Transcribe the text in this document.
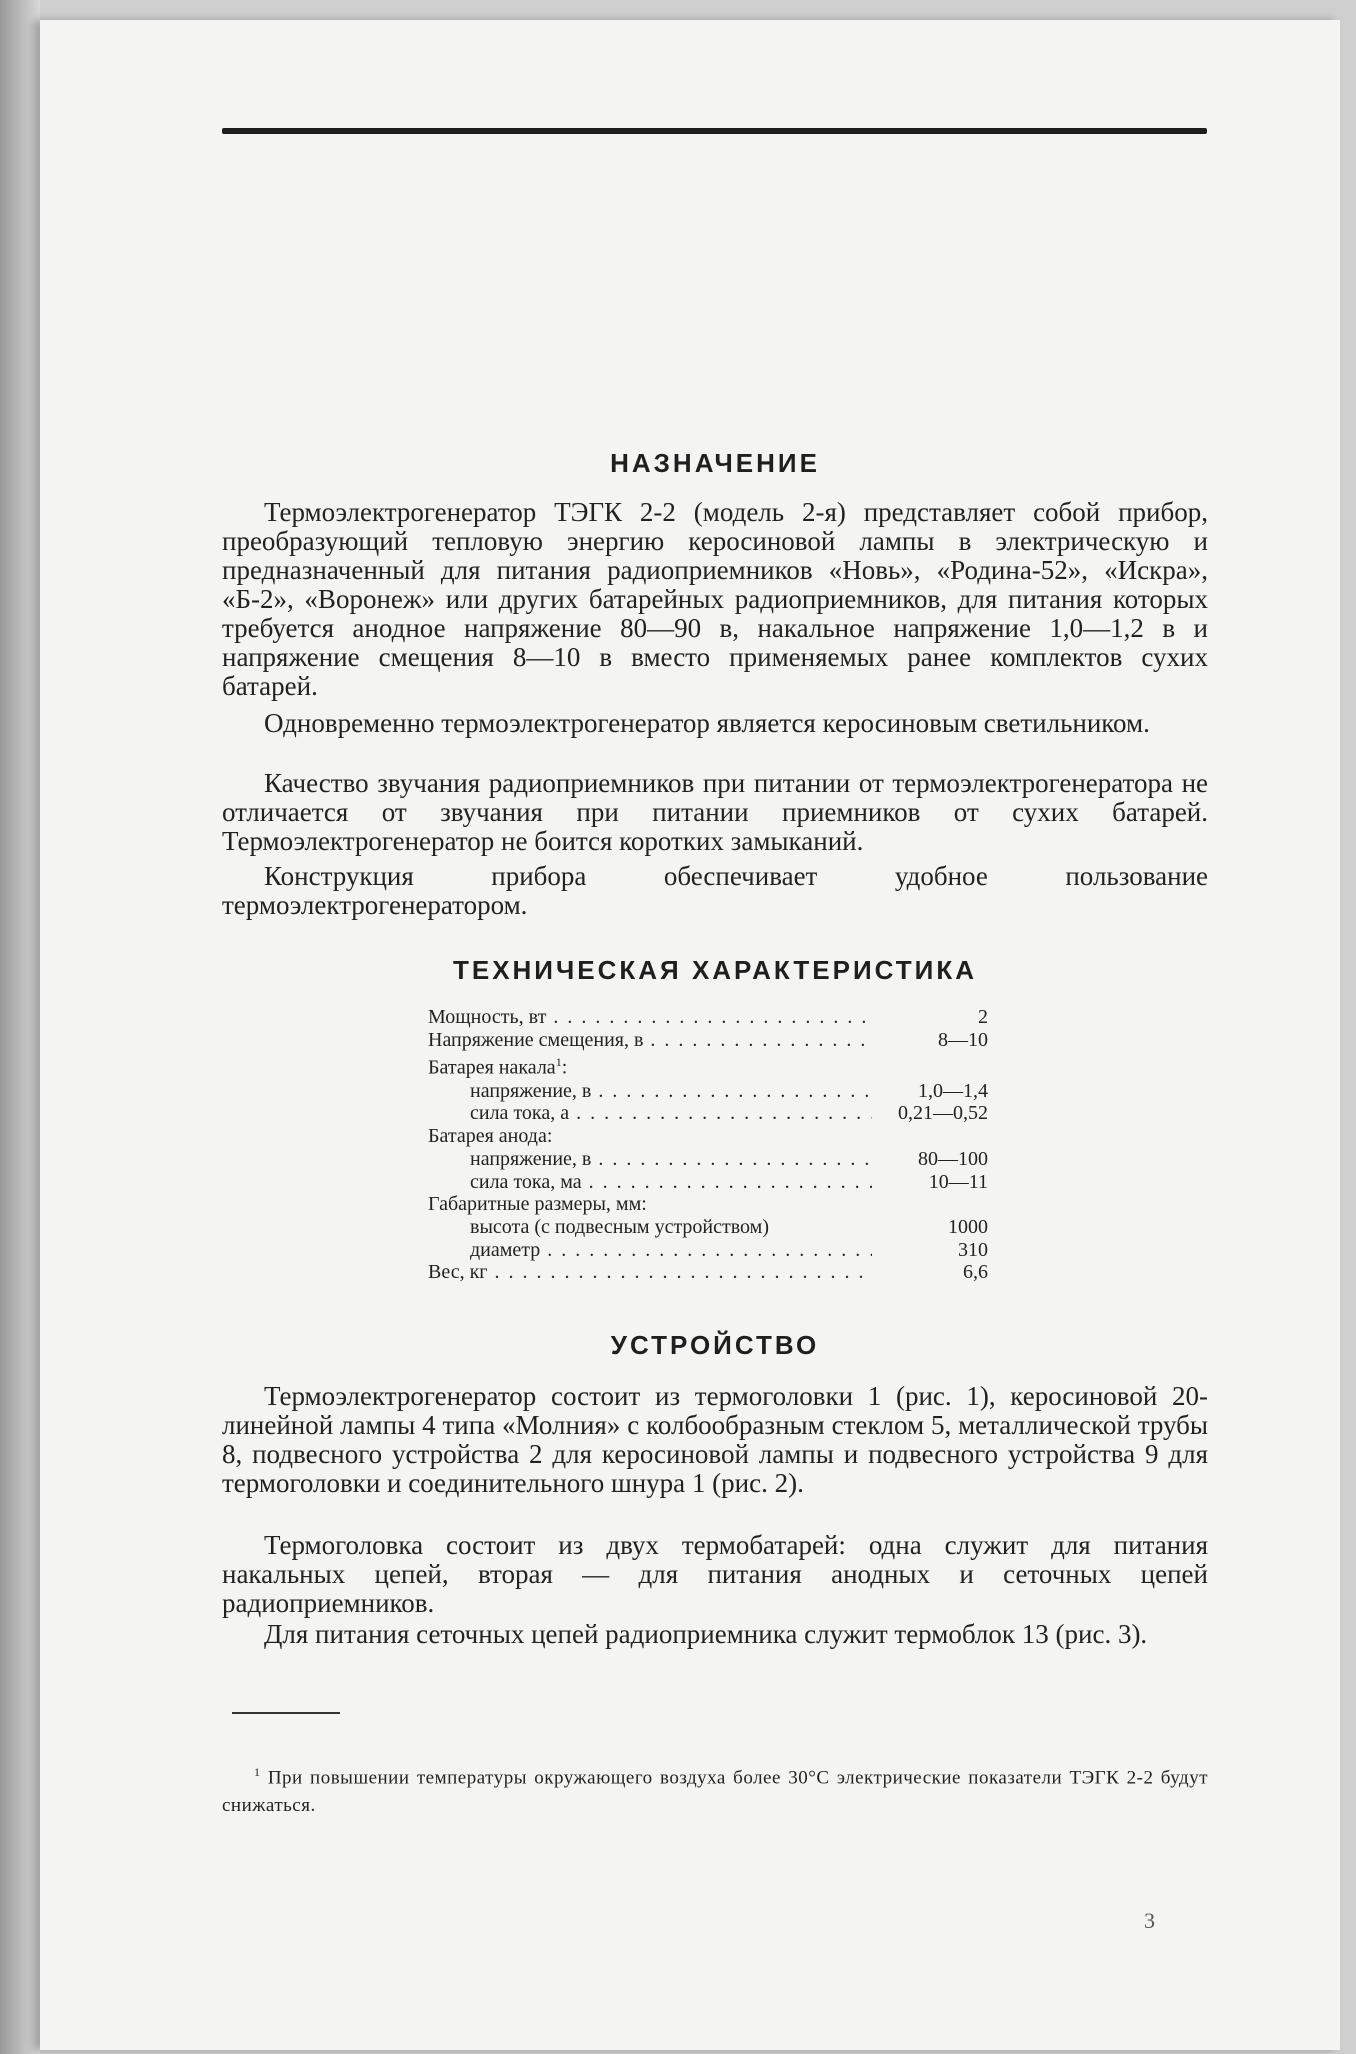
НАЗНАЧЕНИЕ

Термоэлектрогенератор ТЭГК 2-2 (модель 2-я) представляет собой прибор, преобразующий тепловую энергию керосиновой лампы в электрическую и предназначенный для питания радиоприемников «Новь», «Родина-52», «Искра», «Б-2», «Воронеж» или других батарейных радиоприемников, для питания которых требуется анодное напряжение 80—90 в, накальное напряжение 1,0—1,2 в и напряжение смещения 8—10 в вместо применяемых ранее комплектов сухих батарей.

Одновременно термоэлектрогенератор является керосиновым светильником.

Качество звучания радиоприемников при питании от термоэлектрогенератора не отличается от звучания при питании приемников от сухих батарей. Термоэлектрогенератор не боится коротких замыканий.

Конструкция прибора обеспечивает удобное пользование термоэлектрогенератором.

ТЕХНИЧЕСКАЯ ХАРАКТЕРИСТИКА
Мощность, вт . . .	2
Напряжение смещения, в . . .	8—10
Батарея накала$^1$:
напряжение, в . . .	1,0—1,4
сила тока, а . . .	0,21—0,52
Батарея анода:
напряжение, в . . .	80—100
сила тока, ма . . .	10—11
Габаритные размеры, мм:
высота (с подвесным устройством)	1000
диаметр . . .	310
Вес, кг . . .	6,6
УСТРОЙСТВО

Термоэлектрогенератор состоит из термоголовки 1 (рис. 1), керосиновой 20-линейной лампы 4 типа «Молния» с колбообразным стеклом 5, металлической трубы 8, подвесного устройства 2 для керосиновой лампы и подвесного устройства 9 для термоголовки и соединительного шнура 1 (рис. 2).

Термоголовка состоит из двух термобатарей: одна служит для питания накальных цепей, вторая — для питания анодных и сеточных цепей радиоприемников.

Для питания сеточных цепей радиоприемника служит термоблок 13 (рис. 3).

$^1$ При повышении температуры окружающего воздуха более 30°С электрические показатели ТЭГК 2-2 будут снижаться.
3
